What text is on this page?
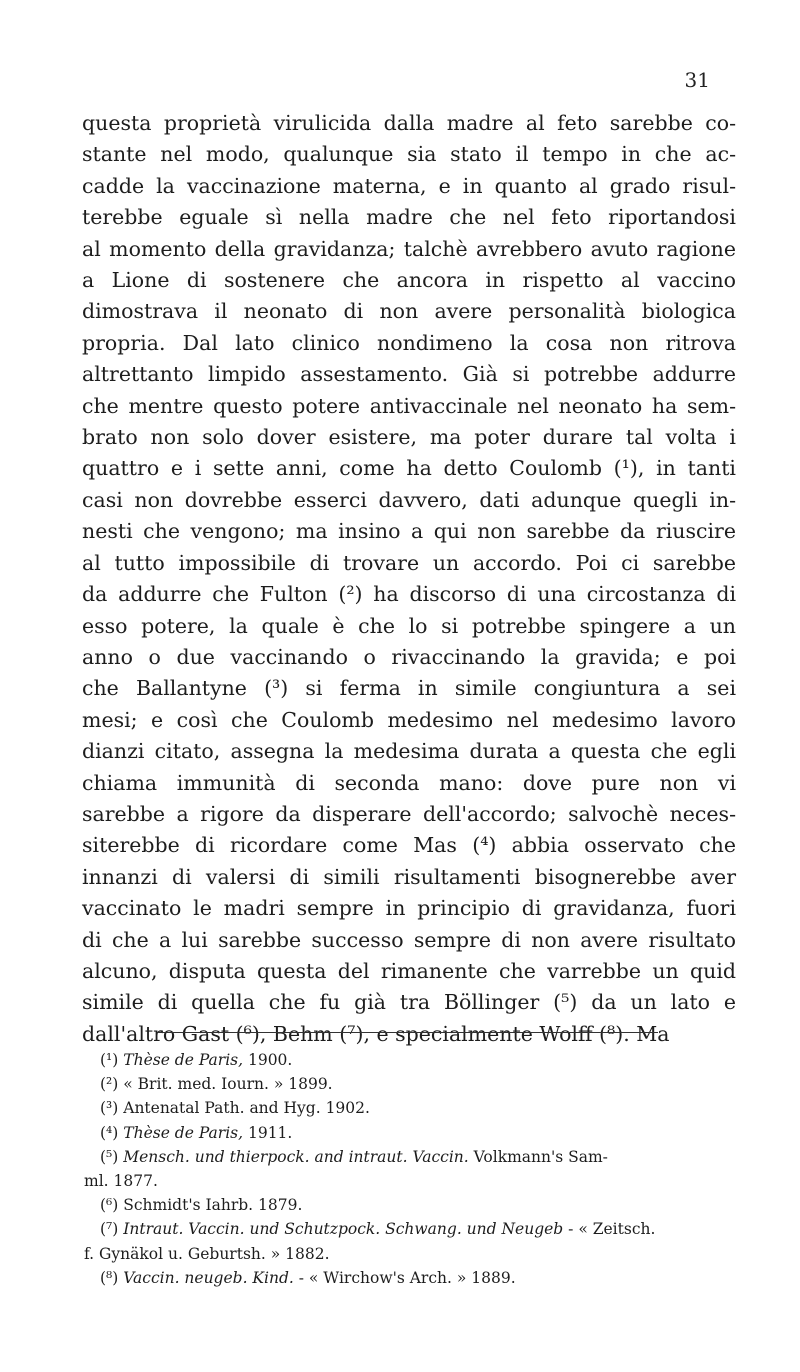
31
questa proprietà virulicida dalla madre al feto sarebbe co-
stante nel modo, qualunque sia stato il tempo in che ac-
cadde la vaccinazione materna, e in quanto al grado risul-
terebbe eguale sì nella madre che nel feto riportandosi
al momento della gravidanza; talchè avrebbero avuto ragione
a Lione di sostenere che ancora in rispetto al vaccino
dimostrava il neonato di non avere personalità biologica
propria. Dal lato clinico nondimeno la cosa non ritrova
altrettanto limpido assestamento. Già si potrebbe addurre
che mentre questo potere antivaccinale nel neonato ha sem-
brato non solo dover esistere, ma poter durare tal volta i
quattro e i sette anni, come ha detto Coulomb (¹), in tanti
casi non dovrebbe esserci davvero, dati adunque quegli in-
nesti che vengono; ma insino a qui non sarebbe da riuscire
al tutto impossibile di trovare un accordo. Poi ci sarebbe
da addurre che Fulton (²) ha discorso di una circostanza di
esso potere, la quale è che lo si potrebbe spingere a un
anno o due vaccinando o rivaccinando la gravida; e poi
che Ballantyne (³) si ferma in simile congiuntura a sei
mesi; e così che Coulomb medesimo nel medesimo lavoro
dianzi citato, assegna la medesima durata a questa che egli
chiama immunità di seconda mano: dove pure non vi
sarebbe a rigore da disperare dell'accordo; salvochè neces-
siterebbe di ricordare come Mas (⁴) abbia osservato che
innanzi di valersi di simili risultamenti bisognerebbe aver
vaccinato le madri sempre in principio di gravidanza, fuori
di che a lui sarebbe successo sempre di non avere risultato
alcuno, disputa questa del rimanente che varrebbe un quid
simile di quella che fu già tra Böllinger (⁵) da un lato e
dall'altro Gast (⁶), Behm (⁷), e specialmente Wolff (⁸). Ma
(¹) Thèse de Paris, 1900.
(²) « Brit. med. Iourn. » 1899.
(³) Antenatal Path. and Hyg. 1902.
(⁴) Thèse de Paris, 1911.
(⁵) Mensch. und thierpock. and intraut. Vaccin. Volkmann's Sam-
ml. 1877.
(⁶) Schmidt's Iahrb. 1879.
(⁷) Intraut. Vaccin. und Schutzpock. Schwang. und Neugeb - « Zeitsch.
f. Gynäkol u. Geburtsh. » 1882.
(⁸) Vaccin. neugeb. Kind. - « Wirchow's Arch. » 1889.
